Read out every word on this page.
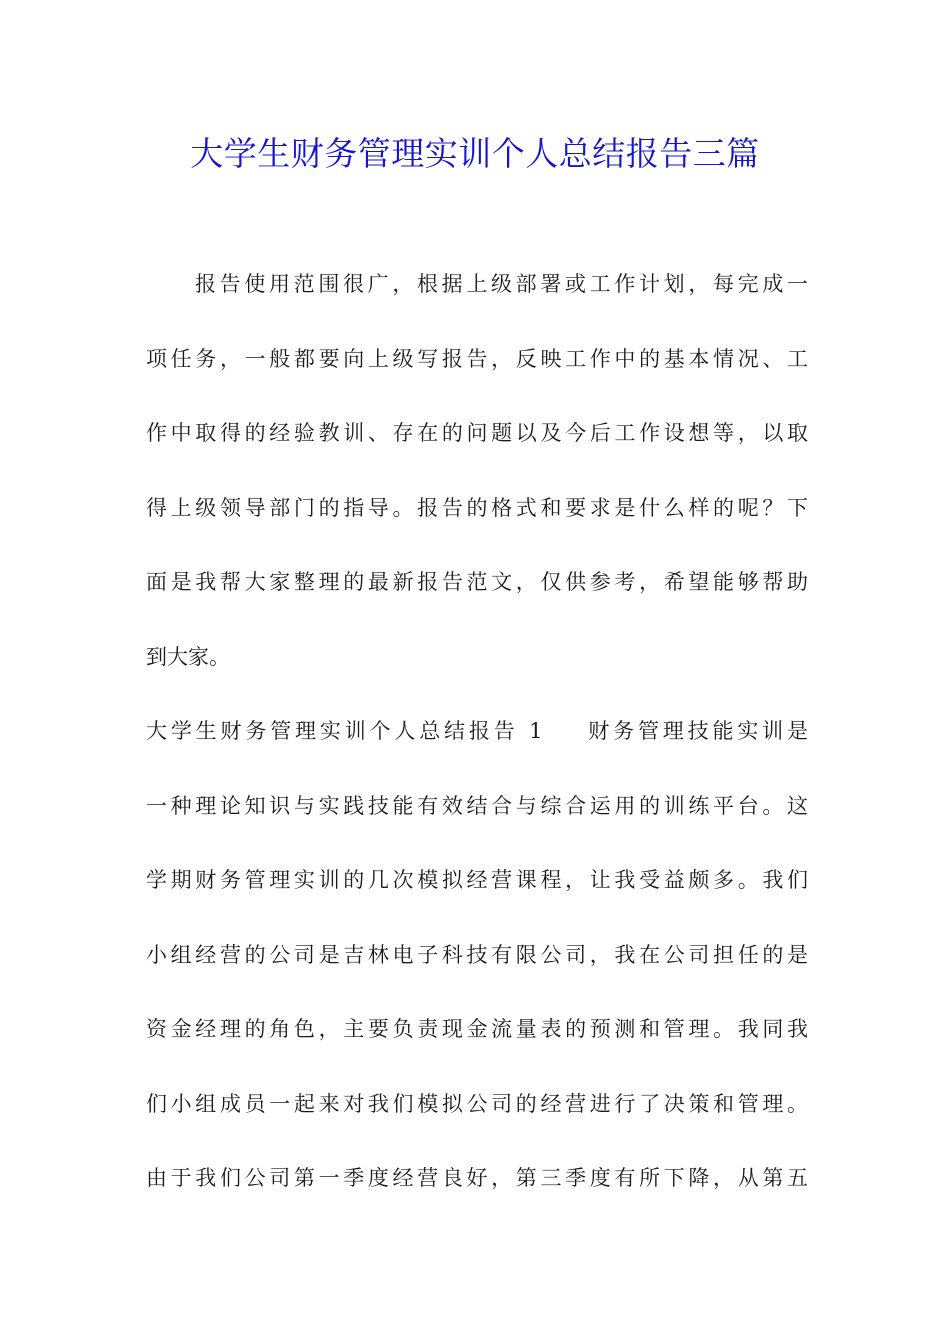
大学生财务管理实训个人总结报告三篇
报告使用范围很广，根据上级部署或工作计划，每完成一
项任务，一般都要向上级写报告，反映工作中的基本情况、工
作中取得的经验教训、存在的问题以及今后工作设想等，以取
得上级领导部门的指导。报告的格式和要求是什么样的呢？下
面是我帮大家整理的最新报告范文，仅供参考，希望能够帮助
到大家。
大学生财务管理实训个人总结报告 1 财务管理技能实训是
一种理论知识与实践技能有效结合与综合运用的训练平台。这
学期财务管理实训的几次模拟经营课程，让我受益颇多。我们
小组经营的公司是吉林电子科技有限公司，我在公司担任的是
资金经理的角色，主要负责现金流量表的预测和管理。我同我
们小组成员一起来对我们模拟公司的经营进行了决策和管理。
由于我们公司第一季度经营良好，第三季度有所下降，从第五
